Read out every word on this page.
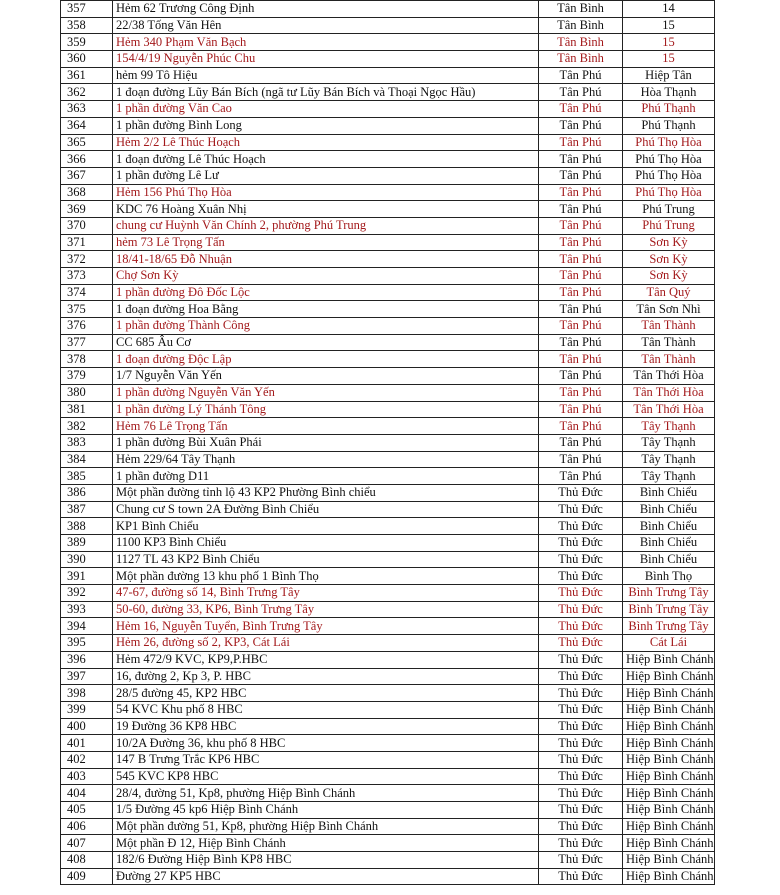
357	Hẻm 62 Trương Công Định	Tân Bình	14
358	22/38 Tống Văn Hên	Tân Bình	15
359	Hẻm 340 Phạm Văn Bạch	Tân Bình	15
360	154/4/19 Nguyễn Phúc Chu	Tân Bình	15
361	hẻm 99 Tô Hiệu	Tân Phú	Hiệp Tân
362	1 đoạn đường Lũy Bán Bích (ngã tư Lũy Bán Bích và Thoại Ngọc Hầu)	Tân Phú	Hòa Thạnh
363	1 phần đường Văn Cao	Tân Phú	Phú Thạnh
364	1 phần đường Bình Long	Tân Phú	Phú Thạnh
365	Hẻm 2/2 Lê Thúc Hoạch	Tân Phú	Phú Thọ Hòa
366	1 đoạn đường Lê Thúc Hoạch	Tân Phú	Phú Thọ Hòa
367	1 phần đường Lê Lư	Tân Phú	Phú Thọ Hòa
368	Hẻm 156 Phú Thọ Hòa	Tân Phú	Phú Thọ Hòa
369	KDC 76 Hoàng Xuân Nhị	Tân Phú	Phú Trung
370	chung cư Huỳnh Văn Chính 2, phường Phú Trung	Tân Phú	Phú Trung
371	hẻm 73 Lê Trọng Tấn	Tân Phú	Sơn Kỳ
372	18/41-18/65 Đỗ Nhuận	Tân Phú	Sơn Kỳ
373	Chợ Sơn Kỳ	Tân Phú	Sơn Kỳ
374	1 phần đường Đô Đốc Lộc	Tân Phú	Tân Quý
375	1 đoạn đường Hoa Bằng	Tân Phú	Tân Sơn Nhì
376	1 phần đường Thành Công	Tân Phú	Tân Thành
377	CC 685 Âu Cơ	Tân Phú	Tân Thành
378	1 đoạn đường Độc Lập	Tân Phú	Tân Thành
379	1/7 Nguyễn Văn Yến	Tân Phú	Tân Thới Hòa
380	1 phần đường Nguyễn Văn Yến	Tân Phú	Tân Thới Hòa
381	1 phần đường Lý Thánh Tông	Tân Phú	Tân Thới Hòa
382	Hẻm 76 Lê Trọng Tấn	Tân Phú	Tây Thạnh
383	1 phần đường Bùi Xuân Phái	Tân Phú	Tây Thạnh
384	Hẻm 229/64 Tây Thạnh	Tân Phú	Tây Thạnh
385	1 phần đường D11	Tân Phú	Tây Thạnh
386	Một phần đường tỉnh lộ 43 KP2 Phường Bình chiểu	Thủ Đức	Bình Chiểu
387	Chung cư S town 2A Đường Bình Chiểu	Thủ Đức	Bình Chiểu
388	KP1 Bình Chiểu	Thủ Đức	Bình Chiểu
389	1100 KP3 Bình Chiểu	Thủ Đức	Bình Chiểu
390	1127 TL 43 KP2 Bình Chiểu	Thủ Đức	Bình Chiểu
391	Một phần đường 13 khu phố 1 Bình Thọ	Thủ Đức	Bình Thọ
392	47-67, đường số 14, Bình Trưng Tây	Thủ Đức	Bình Trưng Tây
393	50-60, đường 33, KP6, Bình Trưng Tây	Thủ Đức	Bình Trưng Tây
394	Hẻm 16, Nguyễn Tuyển, Bình Trưng Tây	Thủ Đức	Bình Trưng Tây
395	Hẻm 26, đường số 2, KP3, Cát Lái	Thủ Đức	Cát Lái
396	Hẻm 472/9 KVC, KP9,P.HBC	Thủ Đức	Hiệp Bình Chánh
397	16, đường 2, Kp 3, P. HBC	Thủ Đức	Hiệp Bình Chánh
398	28/5 đường 45, KP2 HBC	Thủ Đức	Hiệp Bình Chánh
399	54 KVC Khu phố 8 HBC	Thủ Đức	Hiệp Bình Chánh
400	19 Đường 36 KP8 HBC	Thủ Đức	Hiệp Bình Chánh
401	10/2A Đường 36, khu phố 8 HBC	Thủ Đức	Hiệp Bình Chánh
402	147 B Trưng Trắc KP6 HBC	Thủ Đức	Hiệp Bình Chánh
403	545 KVC KP8 HBC	Thủ Đức	Hiệp Bình Chánh
404	28/4, đường 51, Kp8, phường Hiệp Bình Chánh	Thủ Đức	Hiệp Bình Chánh
405	1/5 Đường 45 kp6 Hiệp Bình Chánh	Thủ Đức	Hiệp Bình Chánh
406	Một phần đường 51, Kp8, phường Hiệp Bình Chánh	Thủ Đức	Hiệp Bình Chánh
407	Một phần Đ 12, Hiệp Bình Chánh	Thủ Đức	Hiệp Bình Chánh
408	182/6 Đường Hiệp Bình KP8 HBC	Thủ Đức	Hiệp Bình Chánh
409	Đường 27 KP5 HBC	Thủ Đức	Hiệp Bình Chánh
